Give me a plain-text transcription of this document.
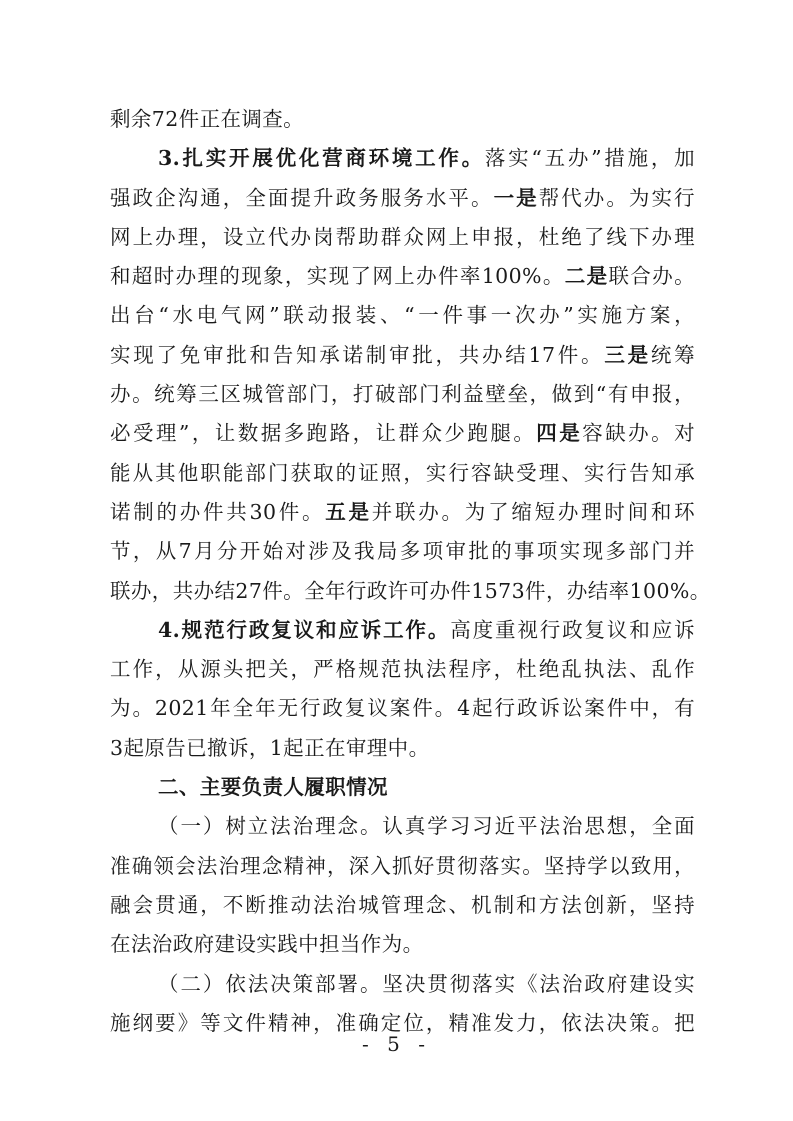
剩余72件正在调查。
3.扎实开展优化营商环境工作。落实“五办”措施，加
强政企沟通，全面提升政务服务水平。一是帮代办。为实行
网上办理，设立代办岗帮助群众网上申报，杜绝了线下办理
和超时办理的现象，实现了网上办件率100%。二是联合办。
出台“水电气网”联动报装、“一件事一次办”实施方案，
实现了免审批和告知承诺制审批，共办结17件。三是统筹
办。统筹三区城管部门，打破部门利益壁垒，做到“有申报，
必受理”，让数据多跑路，让群众少跑腿。四是容缺办。对
能从其他职能部门获取的证照，实行容缺受理、实行告知承
诺制的办件共30件。五是并联办。为了缩短办理时间和环
节，从7月分开始对涉及我局多项审批的事项实现多部门并
联办，共办结27件。全年行政许可办件1573件，办结率100%。
4.规范行政复议和应诉工作。高度重视行政复议和应诉
工作，从源头把关，严格规范执法程序，杜绝乱执法、乱作
为。2021年全年无行政复议案件。4起行政诉讼案件中，有
3起原告已撤诉，1起正在审理中。
二、主要负责人履职情况
（一）树立法治理念。认真学习习近平法治思想，全面
准确领会法治理念精神，深入抓好贯彻落实。坚持学以致用，
融会贯通，不断推动法治城管理念、机制和方法创新，坚持
在法治政府建设实践中担当作为。
（二）依法决策部署。坚决贯彻落实《法治政府建设实
施纲要》等文件精神，准确定位，精准发力，依法决策。把
- 5 -
